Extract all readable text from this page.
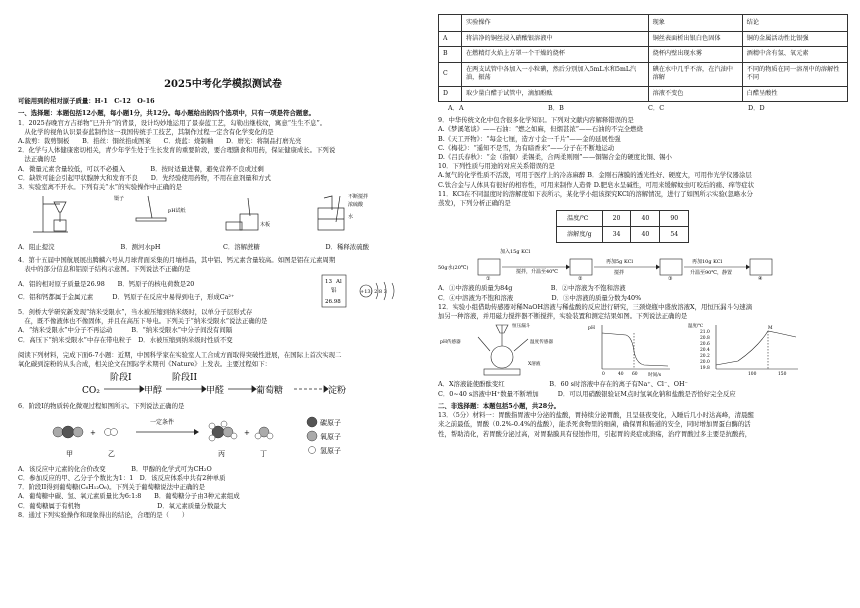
2025中考化学模拟测试卷

可能用到的相对原子质量：H-1　C-12　O-16

一、选择题：本题包括12小题，每小题1分，共12分。每小题给出的四个选项中，只有一项是符合题意。

1．2025春晚官方吉祥物“巳升升”的背景，设计均妙地运用了景泰蓝工艺，勾勒出继枝纹，寓意“生生不息”。

　从化学的视角认识景泰蓝制作这一我国传统手工技艺，其制作过程一定含有化学变化的是

A.裁剪：裁剪铜板　　B．掐丝：铜丝掐成图案　　C．烧蓝：烧制釉　　D．磨光：将制品打磨光亮

2．化学与人体健康密切相关，青少年学生处于生长发育的重要阶段，要合理膳食和用药，保证健康成长。下列说

　法正确的是

A．微量元素含量较低，可以不必摄入　　　　B．按时适量进餐，避免营养不良或过剩

C．缺铁可能会引起甲状腺肿大和发育不良　　D．先经验使用药物，不用在意剂量和方式

3．实验室离不开水。下列有关“水”的实验操作中正确的是

镊子
pH试纸
木板
不断搅拌
浓硫酸
水
A．阻止提浣	B．测河水pH	C．溶解蔗糖	D．稀释浓硫酸

4．第十五届中国航展展出腾麟六号从月球背面采集的月壤样品，其中铝、钙元素含量较高。如图是铝在元素周期

　表中的部分信息和铝原子结构示意图。下列说法不正确的是

A．铝的相对原子质量是26.98　　B．钙原子的核电荷数是20

C．铝和钙都属于金属元素　　　D．钙原子在反应中易得到电子，形成Ca²⁺

13 Al
铝
26.98
+13) 2 8 3

5．剑桥大学研究新发现“纳米受限水”，当水被压缩到纳米级时，以单分子层形式存

　在，既不像液体也不像固体，并且在高压下导电。下列关于“纳米受限水”说法正确的是

A．“纳米受限水”中分子不再运动　　　B．“纳米受限水”中分子间没有间隔

C．高压下“纳米受限水”中存在带电粒子　D．水被压缩到纳米级时性质不变

阅读下列材料，完成下面6-7小题：近期，中国科学家在实验室人工合成方面取得突破性进展，在国际上首次实现二

氧化碳到淀粉的从头合成，相关论文在国际学术期刊《Nature》上发表。主要过程如下：

CO₂	甲醇	甲醛	葡萄糖	淀粉
阶段I	阶段II

6．阶段I的物质转化微观过程如图所示。下列说法正确的是

+	+
甲	乙	丙	丁
碳原子
氧原子
氢原子
一定条件

A．该反应中元素的化合价改变　　　　B．甲醇的化学式可为CH₂O

C．参加反应的甲、乙分子个数比为1：1　D．该反应体系中共有2种单质

7．阶段II得到葡萄糖(C₆H₁₂O₆)。下列关于葡萄糖说法中正确的是

A．葡萄糖中碳、氢、氧元素质量比为6:1:8　　B．葡萄糖分子由3种元素组成

C．葡萄糖属于有机物　　　　　　　　　　　　D．氧元素质量分数最大

8．通过下列实验操作和现象得出的结论，合理的是（　　）

	实验操作	现象	结论
A	将洁净的铜丝浸入硝酸银溶液中	铜丝表面析出银白色固体	铜的金属活动性比银强
B	在燃精灯火焰上方罩一个干燥的烧杯	烧杯内壁出现水雾	酒精中含有氢、氧元素
C	在两支试管中各加入一小粒碘，然后分别加入5mL水和5mL汽油，振荡	碘在水中几乎不溶，在汽油中溶解	不同的物质在同一溶剂中的溶解性不同
D	取少量白醋于试管中，滴加酚酞	溶液不变色	白醋呈酸性
A．A	B．B	C．C	D．D

9．中华传统文化中包含很多化学知识。下列对文献内容解释错误的是

A.《梦溪笔谈》——石油：“燃之如麻，但烟甚浓”——石油的不完全燃烧

B.《天工开物》：“每金七厘，造方寸金一千片”——金的延展性强

C.《梅花》：“遥知不是雪，为有暗香来”——分子在不断地运动

D.《吕氏春秋》：“金（指铜）柔锡柔，合两柔则刚”——铜锡合金的硬度比铜、锡小

10．下列性质与用途的对应关系错误的是

A.氮气的化学性质不活泼，可用于医疗上的冷冻麻醉 B．金刚石薄膜的透光性好、硬度大，可用作光学仪器涂层

C.钛合金与人体具有很好的相容性，可用来制作人造骨 D.肥皂水呈碱性，可用来缓解蚊虫叮咬后的痛、痒等症状

11．KCl在不同温度时的溶解度如下表所示，某化学小组该探究KCl的溶解情况，进行了如图所示实验(忽略水分

蒸发)，下列分析正确的是

温度/℃	20	40	90
溶解度/g	34	40	54
加入15g KCl
搅拌，升温至40℃
再加5g KCl
搅拌
再加10g KCl
升温至90℃，静置
50g水(20℃)
①	②	③	④

A．①中溶液的质量为84g　　　　　　B．②中溶液为不饱和溶液

C．④中溶液为不饱和溶液　　　　　　D．③中溶液的质量分数为40%

12．实验小组借助传感器对稀NaOH溶液与稀盐酸的反应进行研究，三颈烧瓶中盛放溶液X，用恒压漏斗匀速滴

加另一种溶液，并用磁力搅拌器不断搅拌，实验装置和测定结果如图。下列说法正确的是

恒压漏斗
pH传感器	温度传感器
X溶液
pH
时间/s
温度/℃	M
21.0
20.8
20.6
20.4
20.2
20.0
19.8
0	40 60	100	150

A．X溶液能使酚酞变红　　　　　　　B．60 s时溶液中存在的离子有Na⁺、Cl⁻、OH⁻

C．0~40 s溶液中H⁺数量不断增加　　　D．可以用硝酸银验证M点时氢氧化钠和盐酸是否恰好完全反应

二、非选择题：本题包括5小题，共28分。

13．（5分）材料一：胃酸指胃液中分泌的盐酸，胃持续分泌胃酸，且呈昼夜变化，入睡后几小时达高峰，清晨醒

来之前最低，胃酸（0.2%-0.4%的盐酸），能杀死食物里的细菌，确保胃和肠道的安全，同时增加胃蛋白酶的活

性，帮助消化，若胃酸分泌过高，对胃黏膜具有侵蚀作用，引起胃的炎症或溃疡，治疗胃酸过多主要是抗酸药，
